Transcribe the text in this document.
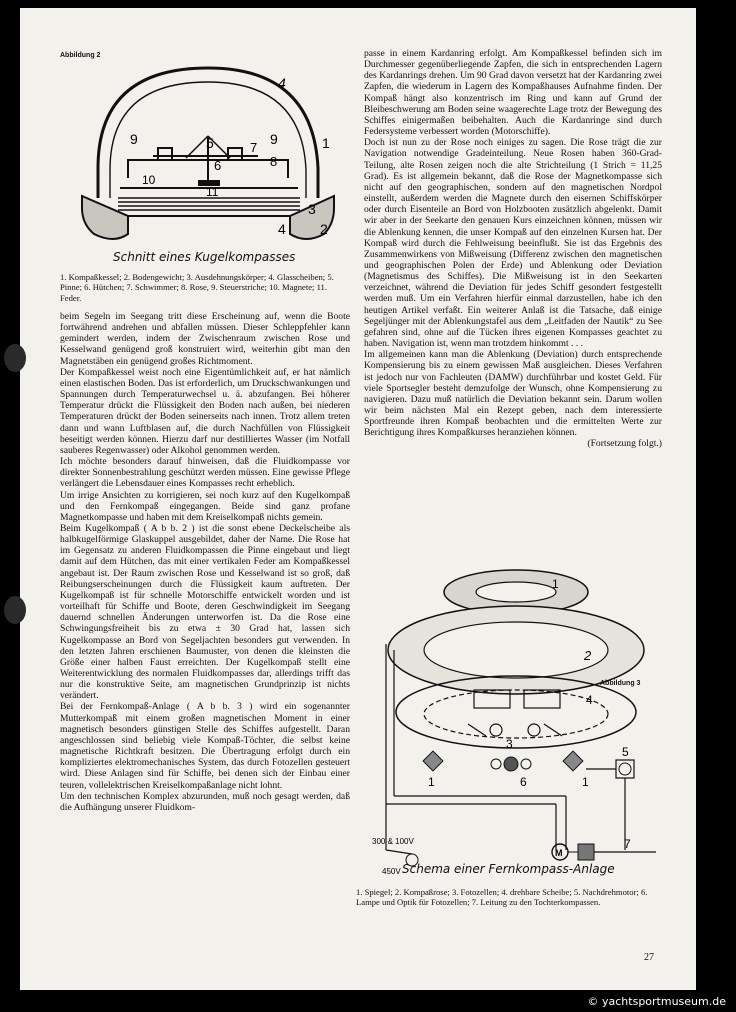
Abbildung 2
4
9	5	9	1
7
6	8
10
11
3
4 2
Schnitt eines Kugelkompasses
1. Kompaßkessel; 2. Bodengewicht; 3. Ausdehnungskörper; 4. Glasscheiben; 5. Pinne; 6. Hütchen; 7. Schwimmer; 8. Rose, 9. Steuerstriche; 10. Magnete; 11. Feder.

beim Segeln im Seegang tritt diese Erscheinung auf, wenn die Boote fortwährend andrehen und abfallen müssen. Dieser Schleppfehler kann gemindert werden, indem der Zwischenraum zwischen Rose und Kesselwand genügend groß konstruiert wird, weiterhin gibt man den Magnetstäben ein genügend großes Richtmoment.

Der Kompaßkessel weist noch eine Eigentümlichkeit auf, er hat nämlich einen elastischen Boden. Das ist erforderlich, um Druckschwankungen und Spannungen durch Temperaturwechsel u. ä. abzufangen. Bei höherer Temperatur drückt die Flüssigkeit den Boden nach außen, bei niederen Temperaturen drückt der Boden seinerseits nach innen. Trotz allem treten dann und wann Luftblasen auf, die durch Nachfüllen von Flüssigkeit beseitigt werden können. Hierzu darf nur destilliertes Wasser (im Notfall sauberes Regenwasser) oder Alkohol genommen werden.

Ich möchte besonders darauf hinweisen, daß die Fluidkompasse vor direkter Sonnenbestrahlung geschützt werden müssen. Eine gewisse Pflege verlängert die Lebensdauer eines Kompasses recht erheblich.

Um irrige Ansichten zu korrigieren, sei noch kurz auf den Kugelkompaß und den Fernkompaß eingegangen. Beide sind ganz profane Magnetkompasse und haben mit dem Kreiselkompaß nichts gemein.

Beim Kugelkompaß ( A b b. 2 ) ist die sonst ebene Deckelscheibe als halbkugelförmige Glaskuppel ausgebildet, daher der Name. Die Rose hat im Gegensatz zu anderen Fluidkompassen die Pinne eingebaut und liegt damit auf dem Hütchen, das mit einer vertikalen Feder am Kompaßkessel angebaut ist. Der Raum zwischen Rose und Kesselwand ist so groß, daß Reibungserscheinungen durch die Flüssigkeit kaum auftreten. Der Kugelkompaß ist für schnelle Motorschiffe entwickelt worden und ist vorteilhaft für Schiffe und Boote, deren Geschwindigkeit im Seegang dauernd schnellen Änderungen unterworfen ist. Da die Rose eine Schwingungsfreiheit bis zu etwa ± 30 Grad hat, lassen sich Kugelkompasse an Bord von Segeljachten besonders gut verwenden. In den letzten Jahren erschienen Baumuster, von denen die kleinsten die Größe einer halben Faust erreichten. Der Kugelkompaß stellt eine Weiterentwicklung des normalen Fluidkompasses dar, allerdings trifft das nur die konstruktive Seite, am magnetischen Grundprinzip ist nichts verändert.

Bei der Fernkompaß-Anlage ( A b b. 3 ) wird ein sogenannter Mutterkompaß mit einem großen magnetischen Moment in einer magnetisch besonders günstigen Stelle des Schiffes aufgestellt. Daran angeschlossen sind beliebig viele Kompaß-Töchter, die selbst keine magnetische Richtkraft besitzen. Die Übertragung erfolgt durch ein kompliziertes elektromechanisches System, das durch Fotozellen gesteuert wird. Diese Anlagen sind für Schiffe, bei denen sich der Einbau einer teuren, vollelektrischen Kreiselkompaßanlage nicht lohnt.

Um den technischen Komplex abzurunden, muß noch gesagt werden, daß die Aufhängung unserer Fluidkom-

passe in einem Kardanring erfolgt. Am Kompaßkessel befinden sich im Durchmesser gegenüberliegende Zapfen, die sich in entsprechenden Lagern des Kardanrings drehen. Um 90 Grad davon versetzt hat der Kardanring zwei Zapfen, die wiederum in Lagern des Kompaßhauses Aufnahme finden. Der Kompaß hängt also konzentrisch im Ring und kann auf Grund der Bleibeschwerung am Boden seine waagerechte Lage trotz der Bewegung des Schiffes einigermaßen beibehalten. Auch die Kardanringe sind durch Federsysteme verbessert worden (Motorschiffe).

Doch ist nun zu der Rose noch einiges zu sagen. Die Rose trägt die zur Navigation notwendige Gradeinteilung. Neue Rosen haben 360-Grad-Teilung, alte Rosen zeigen noch die alte Strichteilung (1 Strich = 11,25 Grad). Es ist allgemein bekannt, daß die Rose der Magnetkompasse sich nicht auf den geographischen, sondern auf den magnetischen Nordpol einstellt, außerdem werden die Magnete durch den eisernen Schiffskörper oder durch Eisenteile an Bord von Holzbooten zusätzlich abgelenkt. Damit wir aber in der Seekarte den genauen Kurs einzeichnen können, müssen wir die Ablenkung kennen, die unser Kompaß auf den einzelnen Kursen hat. Der Kompaß wird durch die Fehlweisung beeinflußt. Sie ist das Ergebnis des Zusammenwirkens von Mißweisung (Differenz zwischen den magnetischen und geographischen Polen der Erde) und Ablenkung oder Deviation (Magnetismus des Schiffes). Die Mißweisung ist in den Seekarten verzeichnet, während die Deviation für jedes Schiff gesondert festgestellt werden muß. Um ein Verfahren hierfür einmal darzustellen, habe ich den heutigen Artikel verfaßt. Ein weiterer Anlaß ist die Tatsache, daß einige Segeljünger mit der Ablenkungstafel aus dem „Leitfaden der Nautik“ zu See gefahren sind, ohne auf die Tücken ihres eigenen Kompasses geachtet zu haben. Navigation ist, wenn man trotzdem hinkommt . . .

Im allgemeinen kann man die Ablenkung (Deviation) durch entsprechende Kompensierung bis zu einem gewissen Maß ausgleichen. Dieses Verfahren ist jedoch nur von Fachleuten (DAMW) durchführbar und kostet Geld. Für viele Sportsegler besteht demzufolge der Wunsch, ohne Kompensierung zu navigieren. Dazu muß natürlich die Deviation bekannt sein. Darum wollen wir beim nächsten Mal ein Rezept geben, nach dem interessierte Sportfreunde ihren Kompaß beobachten und die ermittelten Werte zur Berichtigung ihres Kompaßkurses heranziehen können.

(Fortsetzung folgt.)

M
1
2
4
3
1	1
6
5
7
300 & 100V
450V
Abbildung 3
Schema einer Fernkompass-Anlage
1. Spiegel; 2. Kompaßrose; 3. Fotozellen; 4. drehbare Scheibe; 5. Nachdrehmotor; 6. Lampe und Optik für Fotozellen; 7. Leitung zu den Tochterkompassen.
27
© yachtsportmuseum.de
